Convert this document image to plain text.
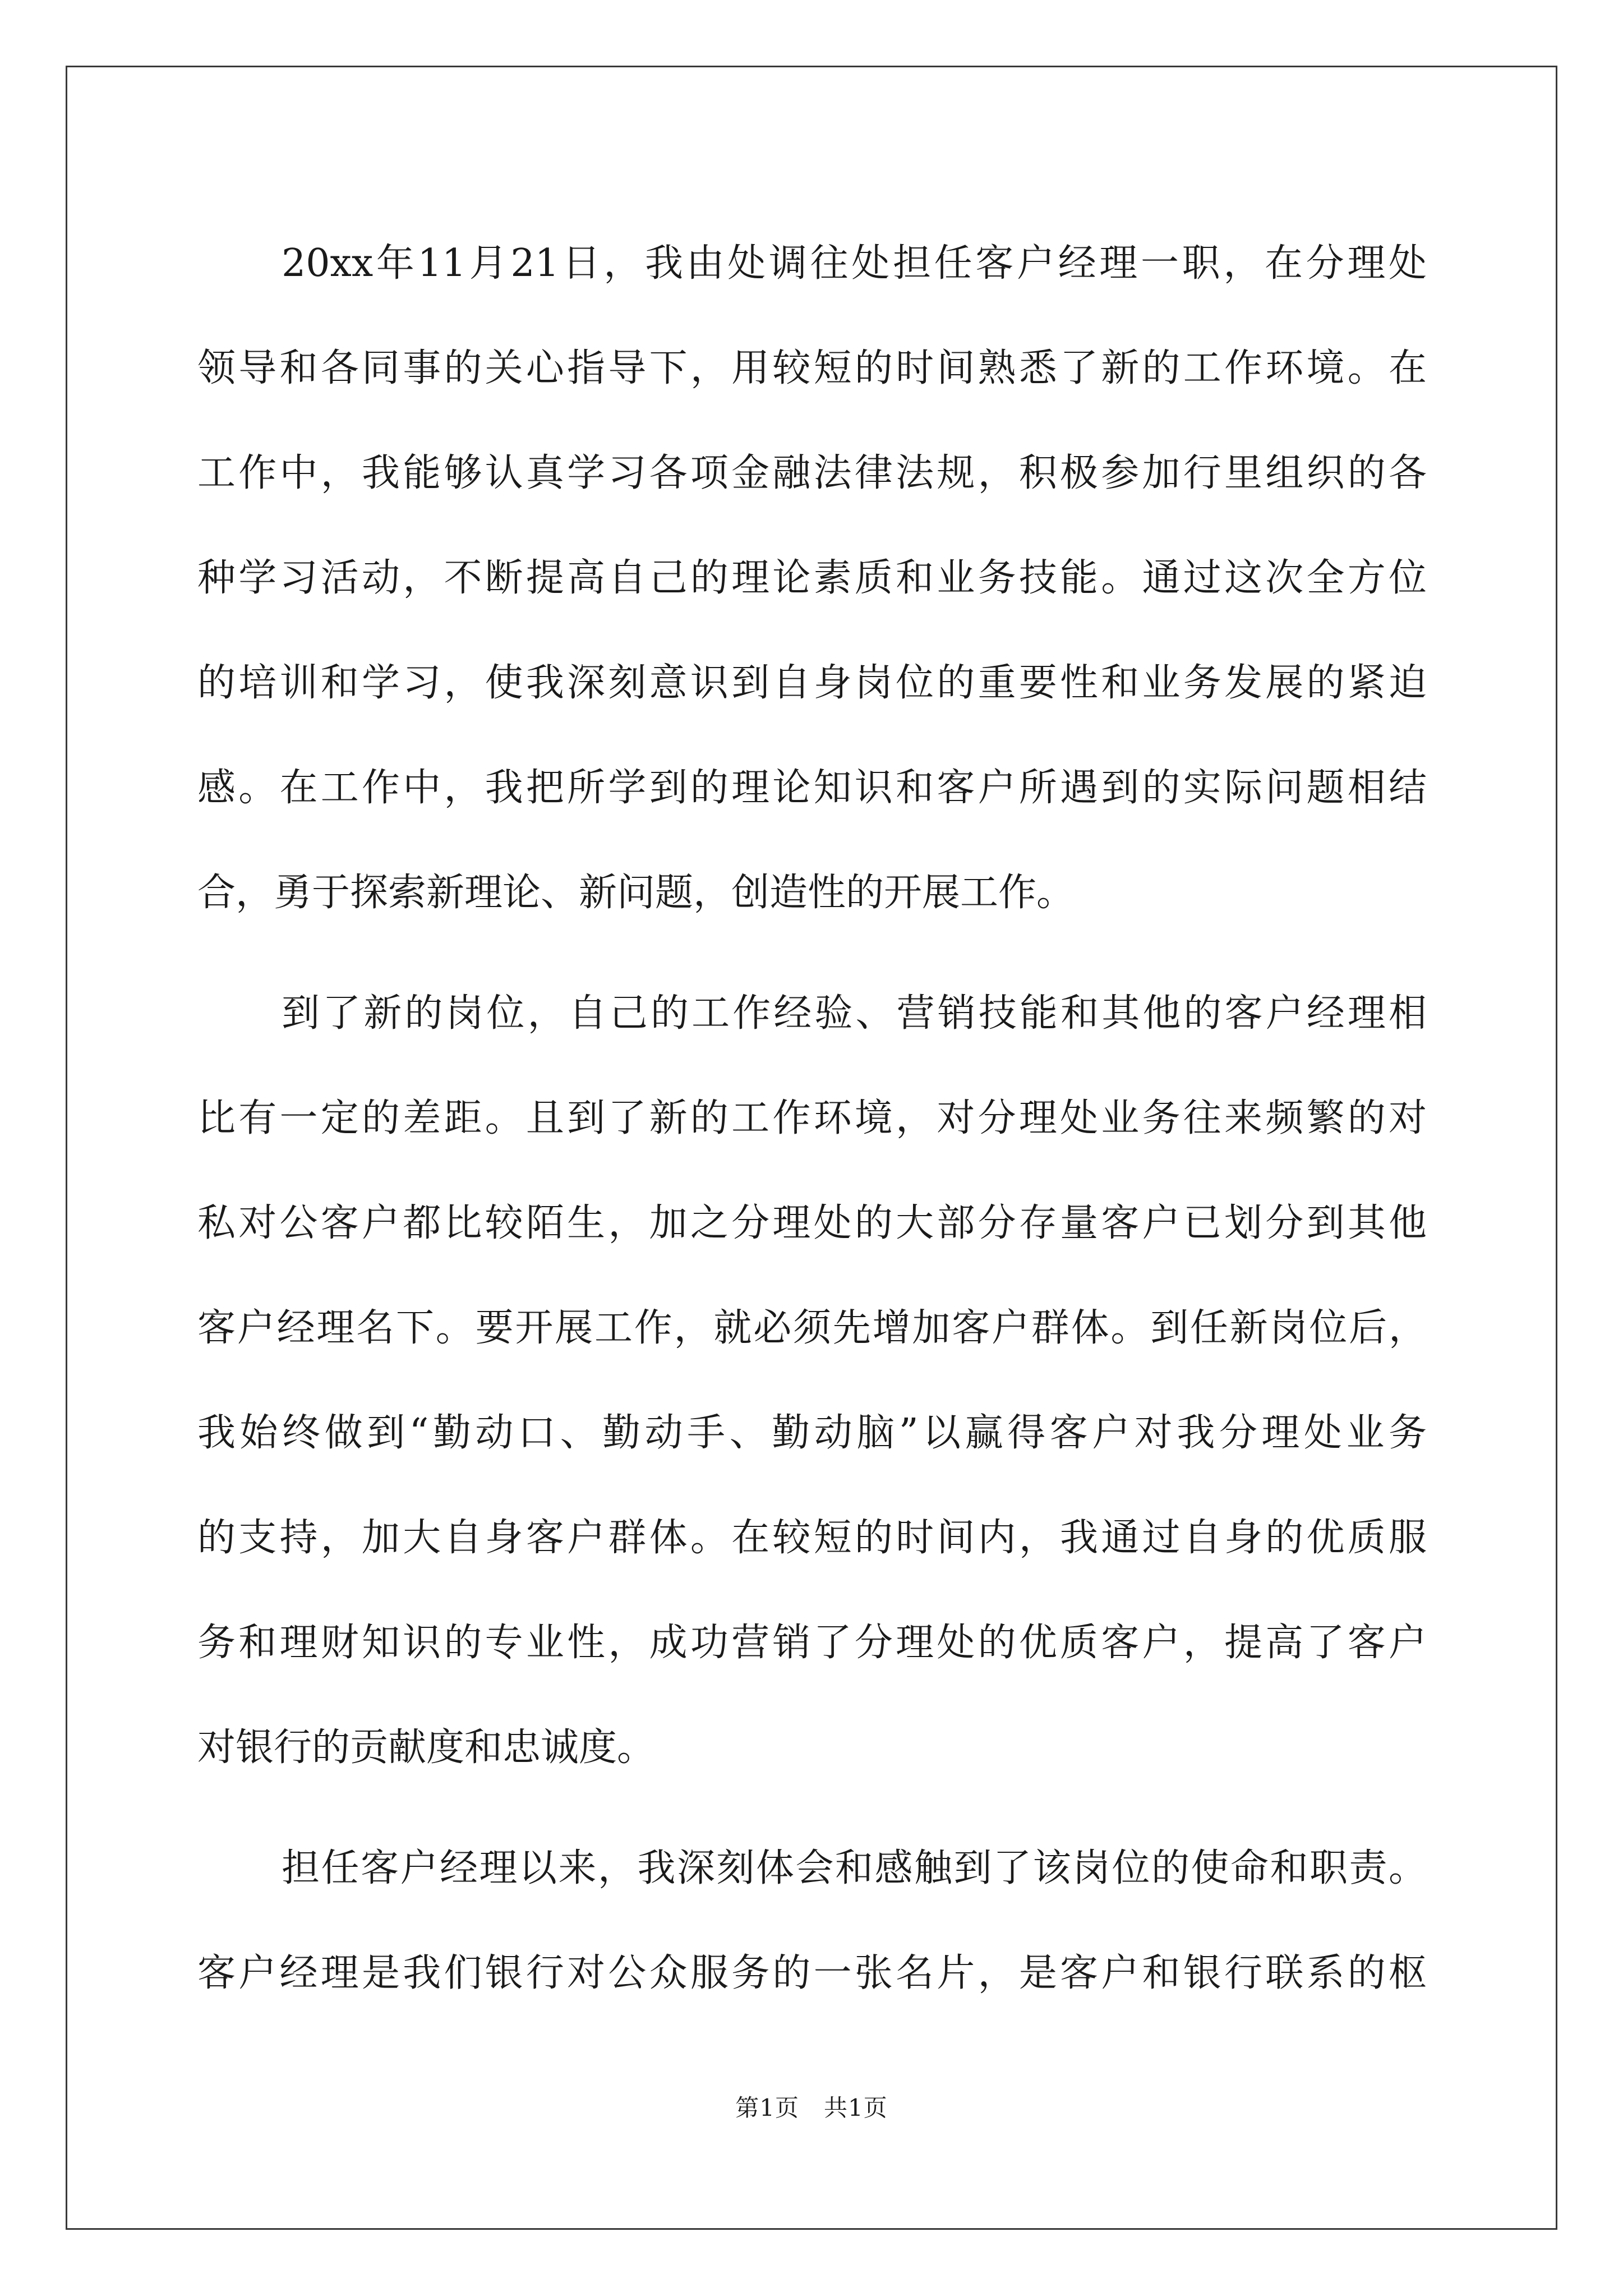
20xx年11月21日，我由处调往处担任客户经理一职，在分理处
领导和各同事的关心指导下，用较短的时间熟悉了新的工作环境。在
工作中，我能够认真学习各项金融法律法规，积极参加行里组织的各
种学习活动，不断提高自己的理论素质和业务技能。通过这次全方位
的培训和学习，使我深刻意识到自身岗位的重要性和业务发展的紧迫
感。在工作中，我把所学到的理论知识和客户所遇到的实际问题相结
合，勇于探索新理论、新问题，创造性的开展工作。
到了新的岗位，自己的工作经验、营销技能和其他的客户经理相
比有一定的差距。且到了新的工作环境，对分理处业务往来频繁的对
私对公客户都比较陌生，加之分理处的大部分存量客户已划分到其他
客户经理名下。要开展工作，就必须先增加客户群体。到任新岗位后，
我始终做到“勤动口、勤动手、勤动脑”以赢得客户对我分理处业务
的支持，加大自身客户群体。在较短的时间内，我通过自身的优质服
务和理财知识的专业性，成功营销了分理处的优质客户，提高了客户
对银行的贡献度和忠诚度。
担任客户经理以来，我深刻体会和感触到了该岗位的使命和职责。
客户经理是我们银行对公众服务的一张名片，是客户和银行联系的枢
第1页 共1页
